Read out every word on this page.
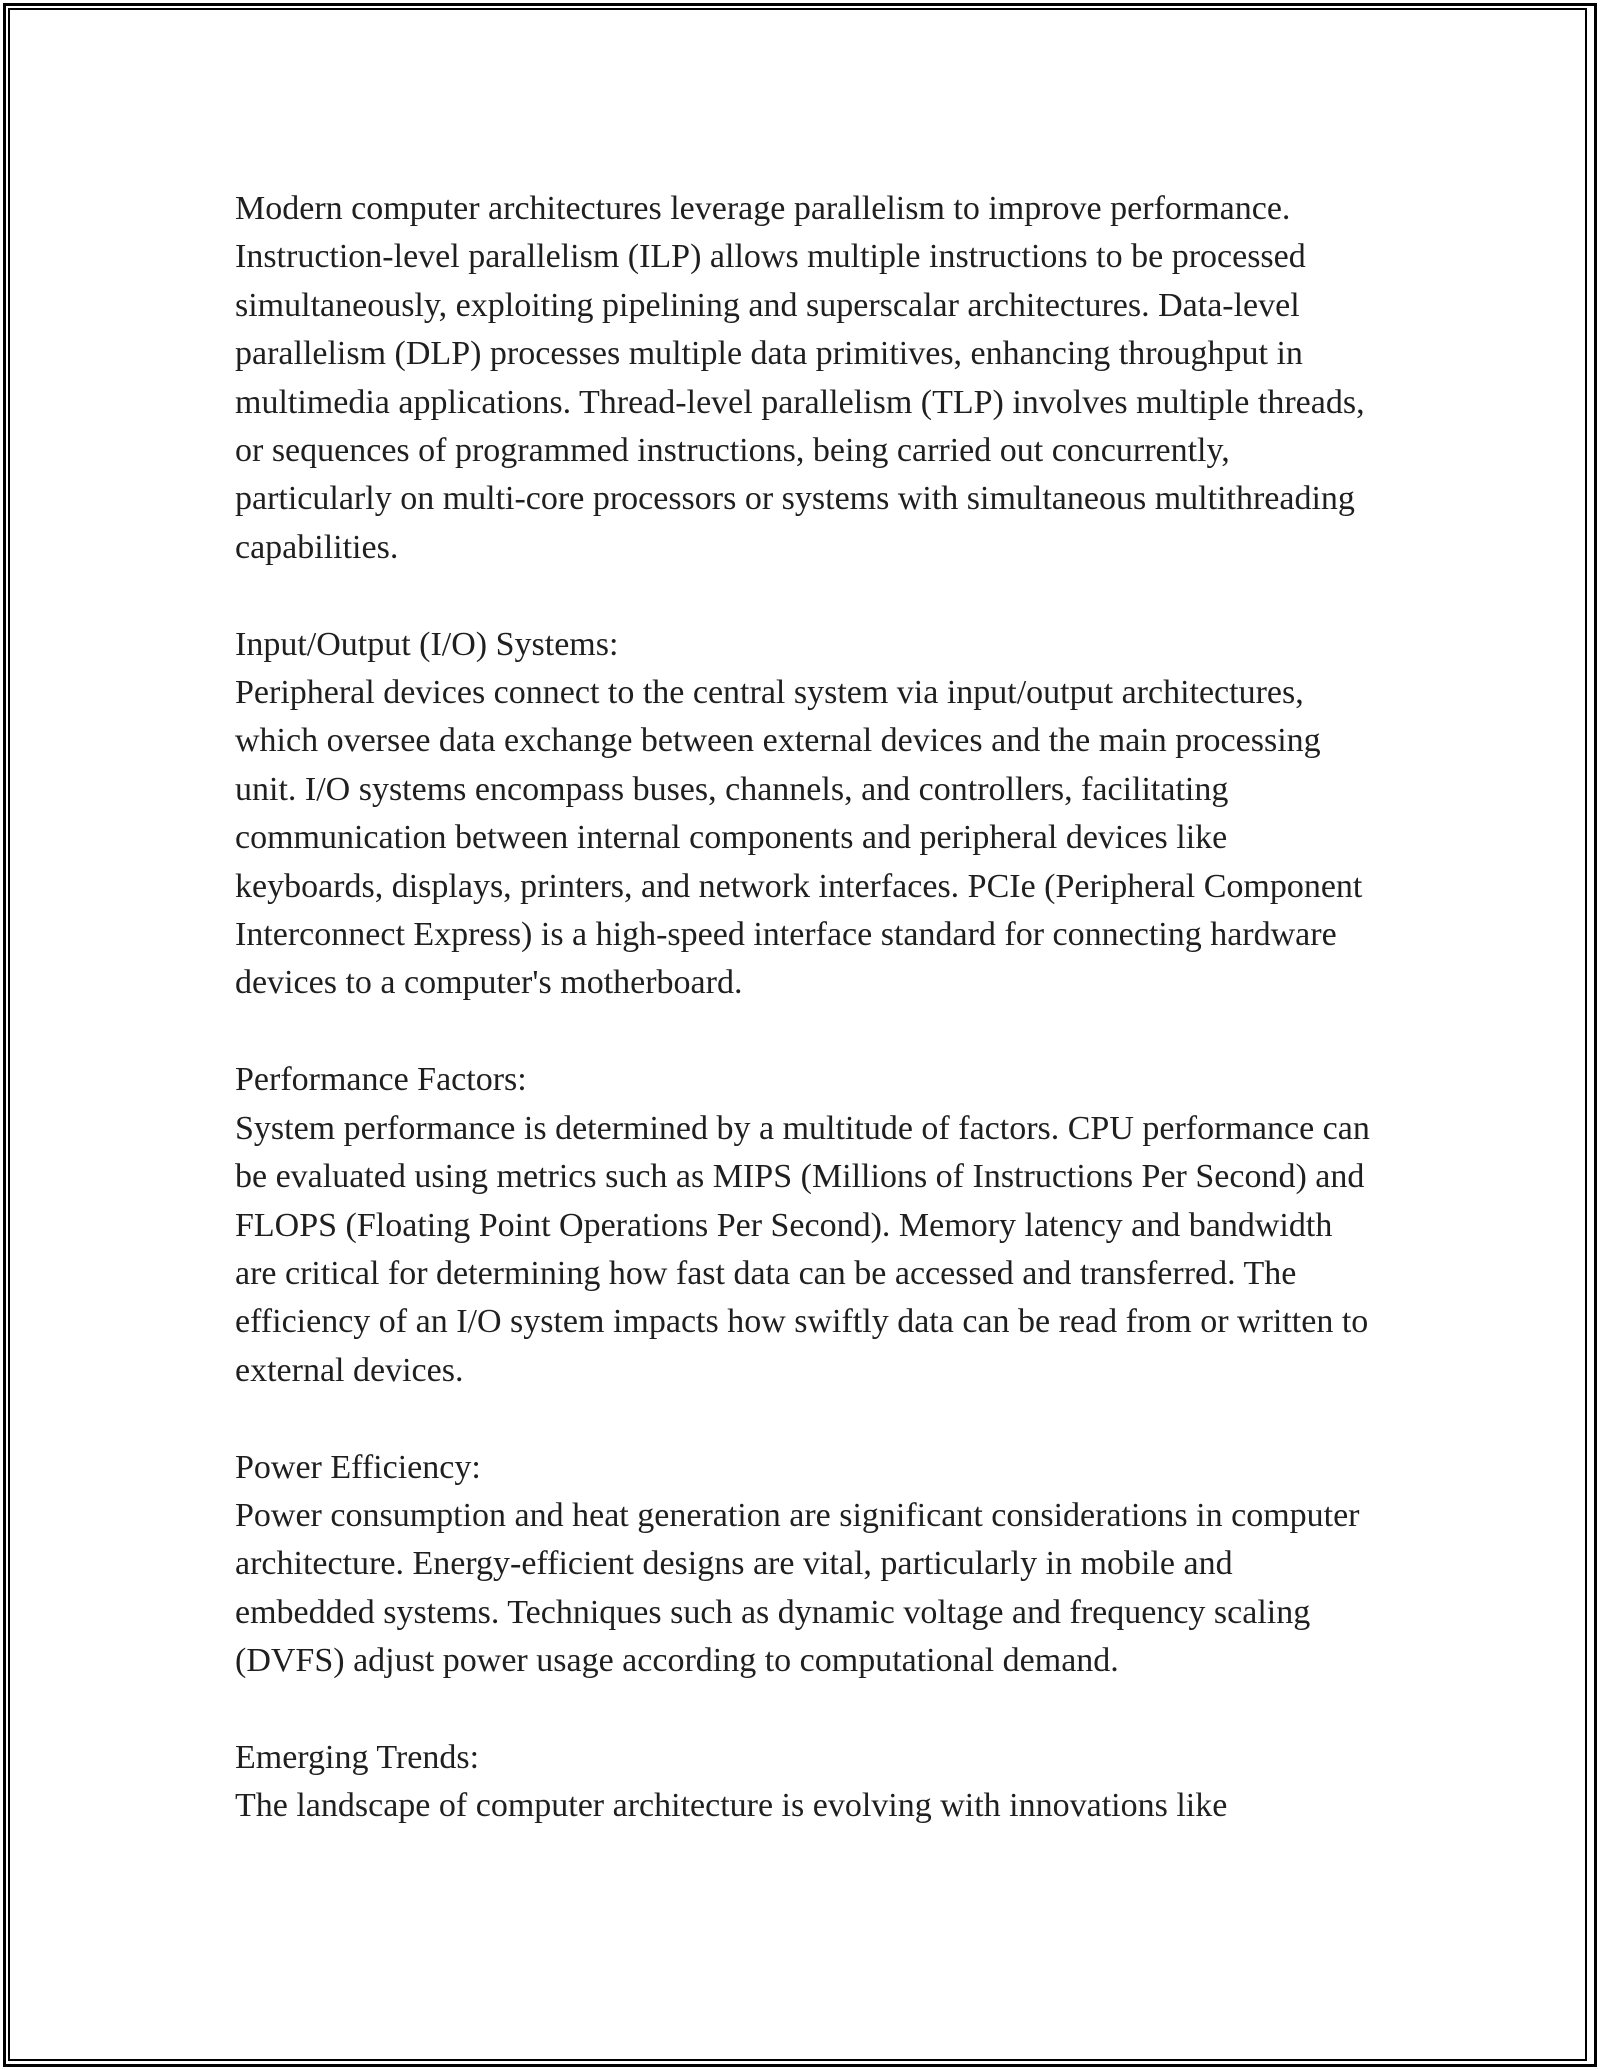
Modern computer architectures leverage parallelism to improve performance. Instruction-level parallelism (ILP) allows multiple instructions to be processed simultaneously, exploiting pipelining and superscalar architectures. Data-level parallelism (DLP) processes multiple data primitives, enhancing throughput in multimedia applications. Thread-level parallelism (TLP) involves multiple threads, or sequences of programmed instructions, being carried out concurrently, particularly on multi-core processors or systems with simultaneous multithreading capabilities.

Input/Output (I/O) Systems:

Peripheral devices connect to the central system via input/output architectures, which oversee data exchange between external devices and the main processing unit. I/O systems encompass buses, channels, and controllers, facilitating communication between internal components and peripheral devices like keyboards, displays, printers, and network interfaces. PCIe (Peripheral Component Interconnect Express) is a high-speed interface standard for connecting hardware devices to a computer's motherboard.

Performance Factors:

System performance is determined by a multitude of factors. CPU performance can be evaluated using metrics such as MIPS (Millions of Instructions Per Second) and FLOPS (Floating Point Operations Per Second). Memory latency and bandwidth are critical for determining how fast data can be accessed and transferred. The efficiency of an I/O system impacts how swiftly data can be read from or written to external devices.

Power Efficiency:

Power consumption and heat generation are significant considerations in computer architecture. Energy-efficient designs are vital, particularly in mobile and embedded systems. Techniques such as dynamic voltage and frequency scaling (DVFS) adjust power usage according to computational demand.

Emerging Trends:

The landscape of computer architecture is evolving with innovations like
